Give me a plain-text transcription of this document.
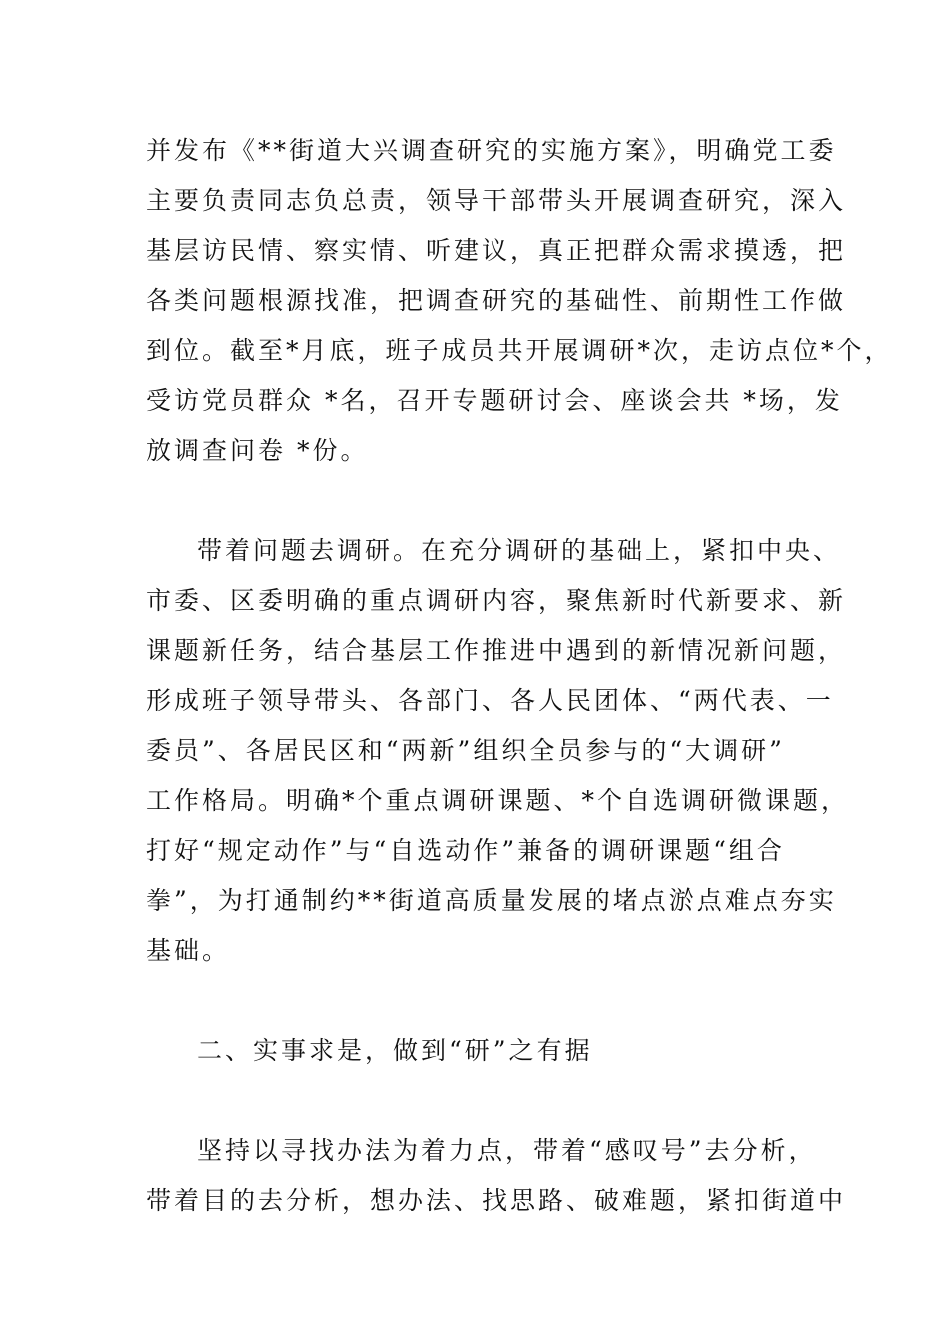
并发布《**街道大兴调查研究的实施方案》，明确党工委
主要负责同志负总责，领导干部带头开展调查研究，深入
基层访民情、察实情、听建议，真正把群众需求摸透，把
各类问题根源找准，把调查研究的基础性、前期性工作做
到位。截至*月底，班子成员共开展调研*次，走访点位*个，
受访党员群众 *名，召开专题研讨会、座谈会共 *场，发
放调查问卷 *份。
带着问题去调研。在充分调研的基础上，紧扣中央、
市委、区委明确的重点调研内容，聚焦新时代新要求、新
课题新任务，结合基层工作推进中遇到的新情况新问题，
形成班子领导带头、各部门、各人民团体、“两代表、一
委员”、各居民区和“两新”组织全员参与的“大调研”
工作格局。明确*个重点调研课题、*个自选调研微课题，
打好“规定动作”与“自选动作”兼备的调研课题“组合
拳”，为打通制约**街道高质量发展的堵点淤点难点夯实
基础。
二、实事求是，做到“研”之有据
坚持以寻找办法为着力点，带着“感叹号”去分析，
带着目的去分析，想办法、找思路、破难题，紧扣街道中
